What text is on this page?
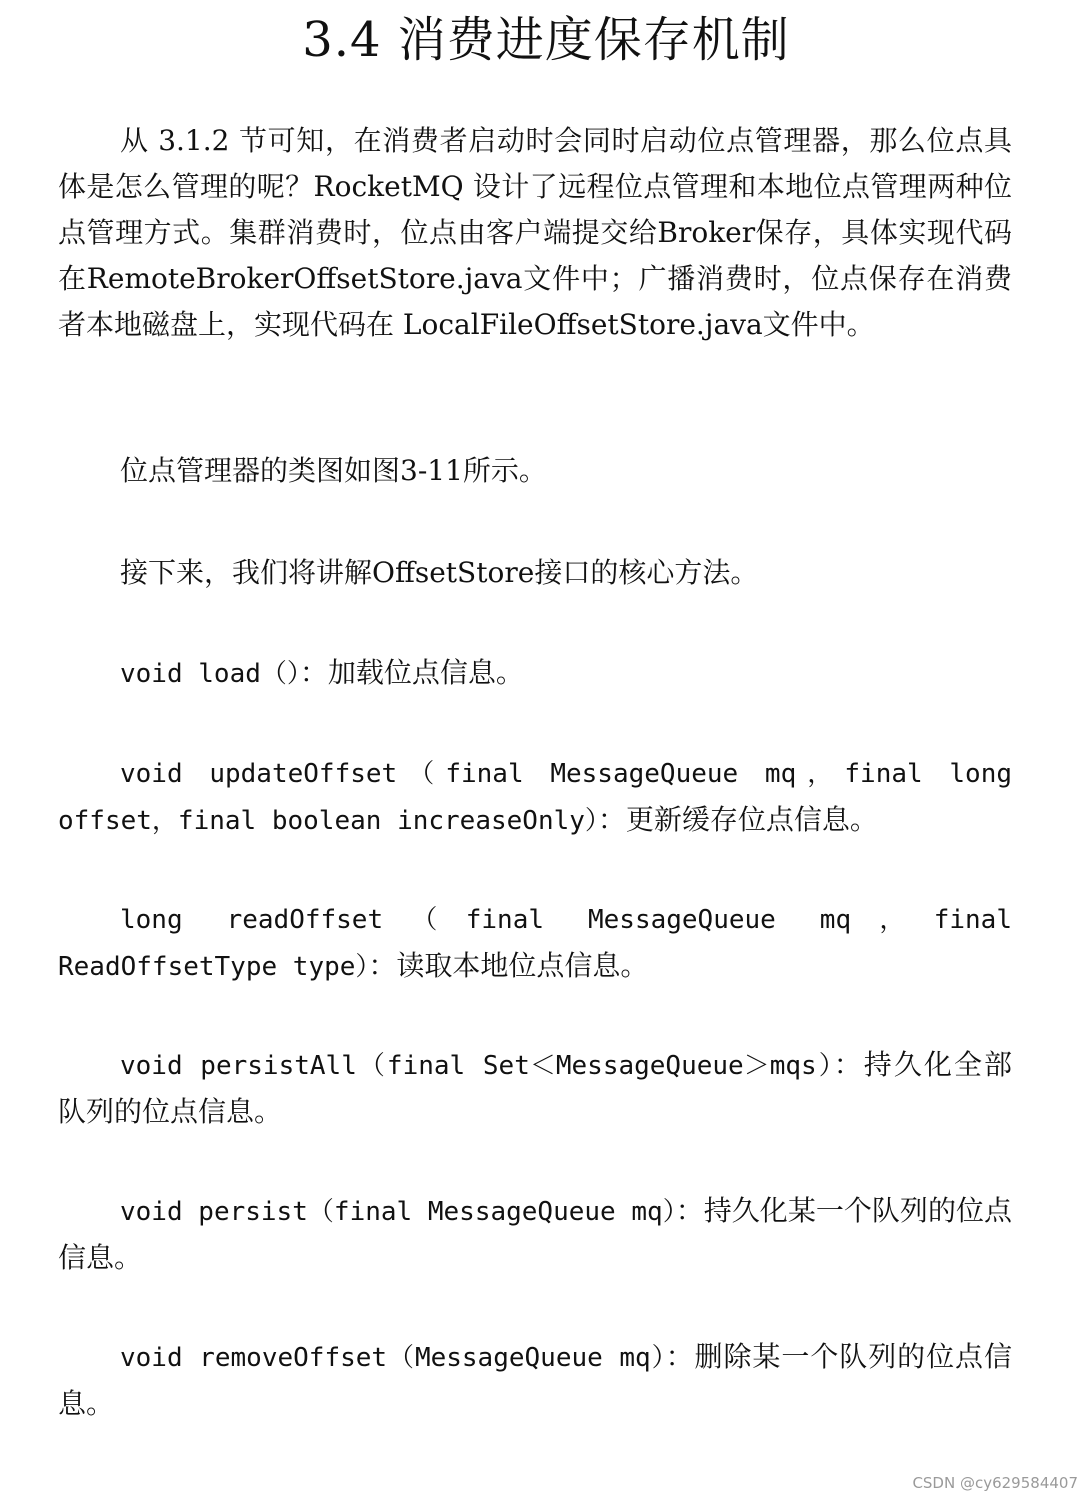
3.4 消费进度保存机制
从 3.1.2 节可知，在消费者启动时会同时启动位点管理器，那么位点具体是怎么管理的呢？RocketMQ 设计了远程位点管理和本地位点管理两种位点管理方式。集群消费时，位点由客户端提交给Broker保存，具体实现代码在RemoteBrokerOffsetStore.java文件中；广播消费时，位点保存在消费者本地磁盘上，实现代码在 LocalFileOffsetStore.java文件中。

位点管理器的类图如图3-11所示。

接下来，我们将讲解OffsetStore接口的核心方法。

void load（）：加载位点信息。

void updateOffset（final MessageQueue mq，final long offset，final boolean increaseOnly）：更新缓存位点信息。

long readOffset（final MessageQueue mq，final ReadOffsetType type）：读取本地位点信息。

void persistAll（final Set＜MessageQueue＞mqs）：持久化全部队列的位点信息。

void persist（final MessageQueue mq）：持久化某一个队列的位点信息。

void removeOffset（MessageQueue mq）：删除某一个队列的位点信息。

CSDN @cy629584407
